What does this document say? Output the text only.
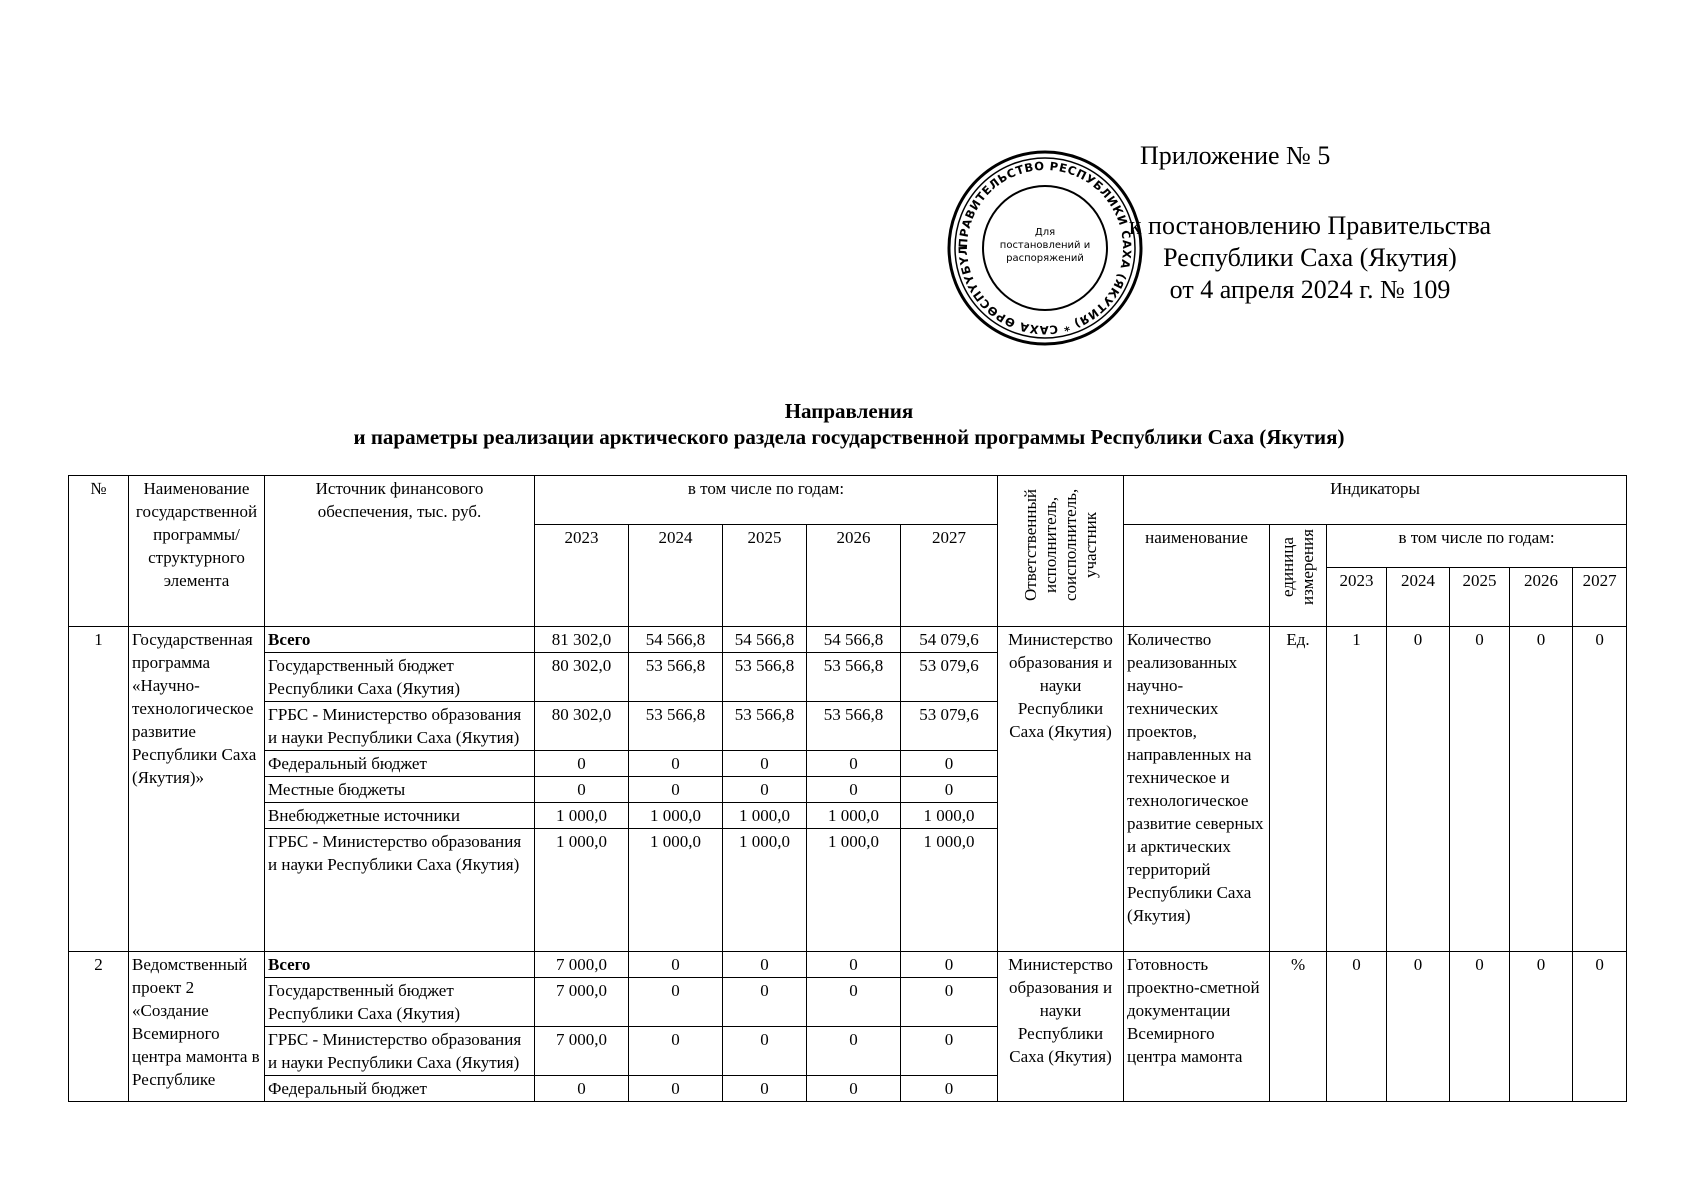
Приложение № 5
к постановлению Правительства
Республики Саха (Якутия)
от 4 апреля 2024 г. № 109
ПРАВИТЕЛЬСТВО РЕСПУБЛИКИ САХА (ЯКУТИЯ) * САХА ӨРӨСПҮҮБҮЛ
Для постановлений и распоряжений
Направления
и параметры реализации арктического раздела государственной программы Республики Саха (Якутия)
№	Наименование государственной программы/ структурного элемента	Источник финансового обеспечения, тыс. руб.	в том числе по годам:					Ответственный исполнитель, соисполнитель, участник	Индикаторы						
			2023	2024	2025	2026	2027		наименование	единица измерения	в том числе по годам:				
											2023	2024	2025	2026	2027
1	Государственная программа «Научно-технологическое развитие Республики Саха (Якутия)»	Всего	81 302,0	54 566,8	54 566,8	54 566,8	54 079,6	Министерство образования и науки Республики Саха (Якутия)	Количество реализованных научно-технических проектов, направленных на техническое и технологическое развитие северных и арктических территорий Республики Саха (Якутия)	Ед.	1	0	0	0	0
		Государственный бюджет Республики Саха (Якутия)	80 302,0	53 566,8	53 566,8	53 566,8	53 079,6								
		ГРБС - Министерство образования и науки Республики Саха (Якутия)	80 302,0	53 566,8	53 566,8	53 566,8	53 079,6								
		Федеральный бюджет	0	0	0	0	0								
		Местные бюджеты	0	0	0	0	0								
		Внебюджетные источники	1 000,0	1 000,0	1 000,0	1 000,0	1 000,0								
		ГРБС - Министерство образования и науки Республики Саха (Якутия)	1 000,0	1 000,0	1 000,0	1 000,0	1 000,0								
2	Ведомственный проект 2 «Создание Всемирного центра мамонта в Республике	Всего	7 000,0	0	0	0	0	Министерство образования и науки Республики Саха (Якутия)	Готовность проектно-сметной документации Всемирного центра мамонта	%	0	0	0	0	0
		Государственный бюджет Республики Саха (Якутия)	7 000,0	0	0	0	0								
		ГРБС - Министерство образования и науки Республики Саха (Якутия)	7 000,0	0	0	0	0								
		Федеральный бюджет	0	0	0	0	0								
